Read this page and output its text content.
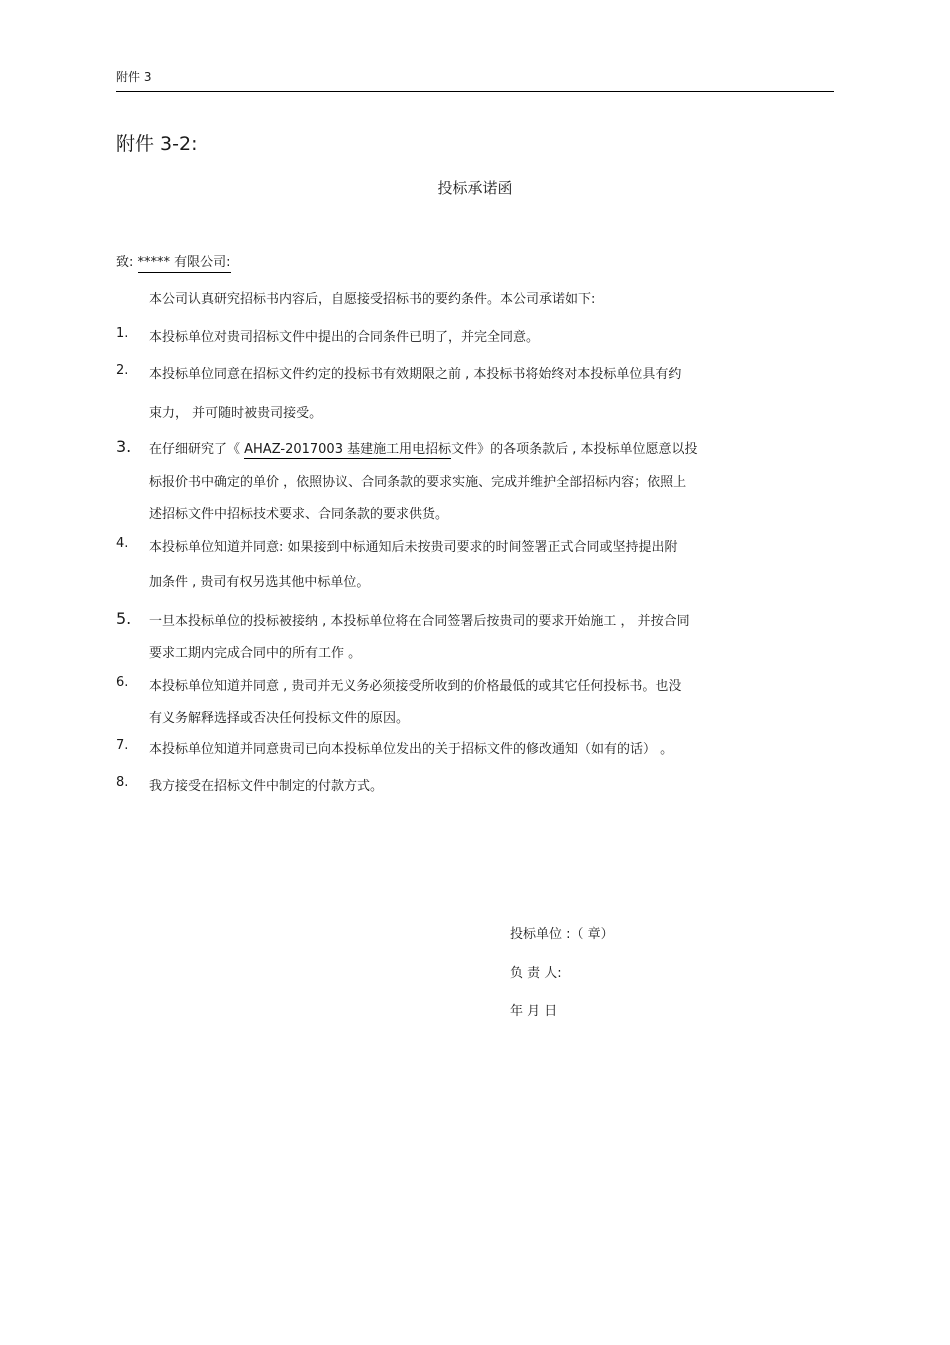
附件 3
附件 3-2:
投标承诺函
致: ***** 有限公司:
本公司认真研究招标书内容后，自愿接受招标书的要约条件。本公司承诺如下:
1. 本投标单位对贵司招标文件中提出的合同条件已明了，并完全同意。
2. 本投标单位同意在招标文件约定的投标书有效期限之前 , 本投标书将始终对本投标单位具有约
束力， 并可随时被贵司接受。
3. 在仔细研究了《 AHAZ-2017003 基建施工用电招标文件》的各项条款后 , 本投标单位愿意以投
标报价书中确定的单价 ，依照协议、合同条款的要求实施、完成并维护全部招标内容；依照上
述招标文件中招标技术要求、合同条款的要求供货。
4. 本投标单位知道并同意: 如果接到中标通知后未按贵司要求的时间签署正式合同或坚持提出附
加条件 , 贵司有权另选其他中标单位。
5. 一旦本投标单位的投标被接纳 , 本投标单位将在合同签署后按贵司的要求开始施工 ， 并按合同
要求工期内完成合同中的所有工作 。
6. 本投标单位知道并同意 , 贵司并无义务必须接受所收到的价格最低的或其它任何投标书。也没
有义务解释选择或否决任何投标文件的原因。
7. 本投标单位知道并同意贵司已向本投标单位发出的关于招标文件的修改通知（如有的话） 。
8. 我方接受在招标文件中制定的付款方式。
投标单位 :（ 章）
负 责 人:
年 月 日
